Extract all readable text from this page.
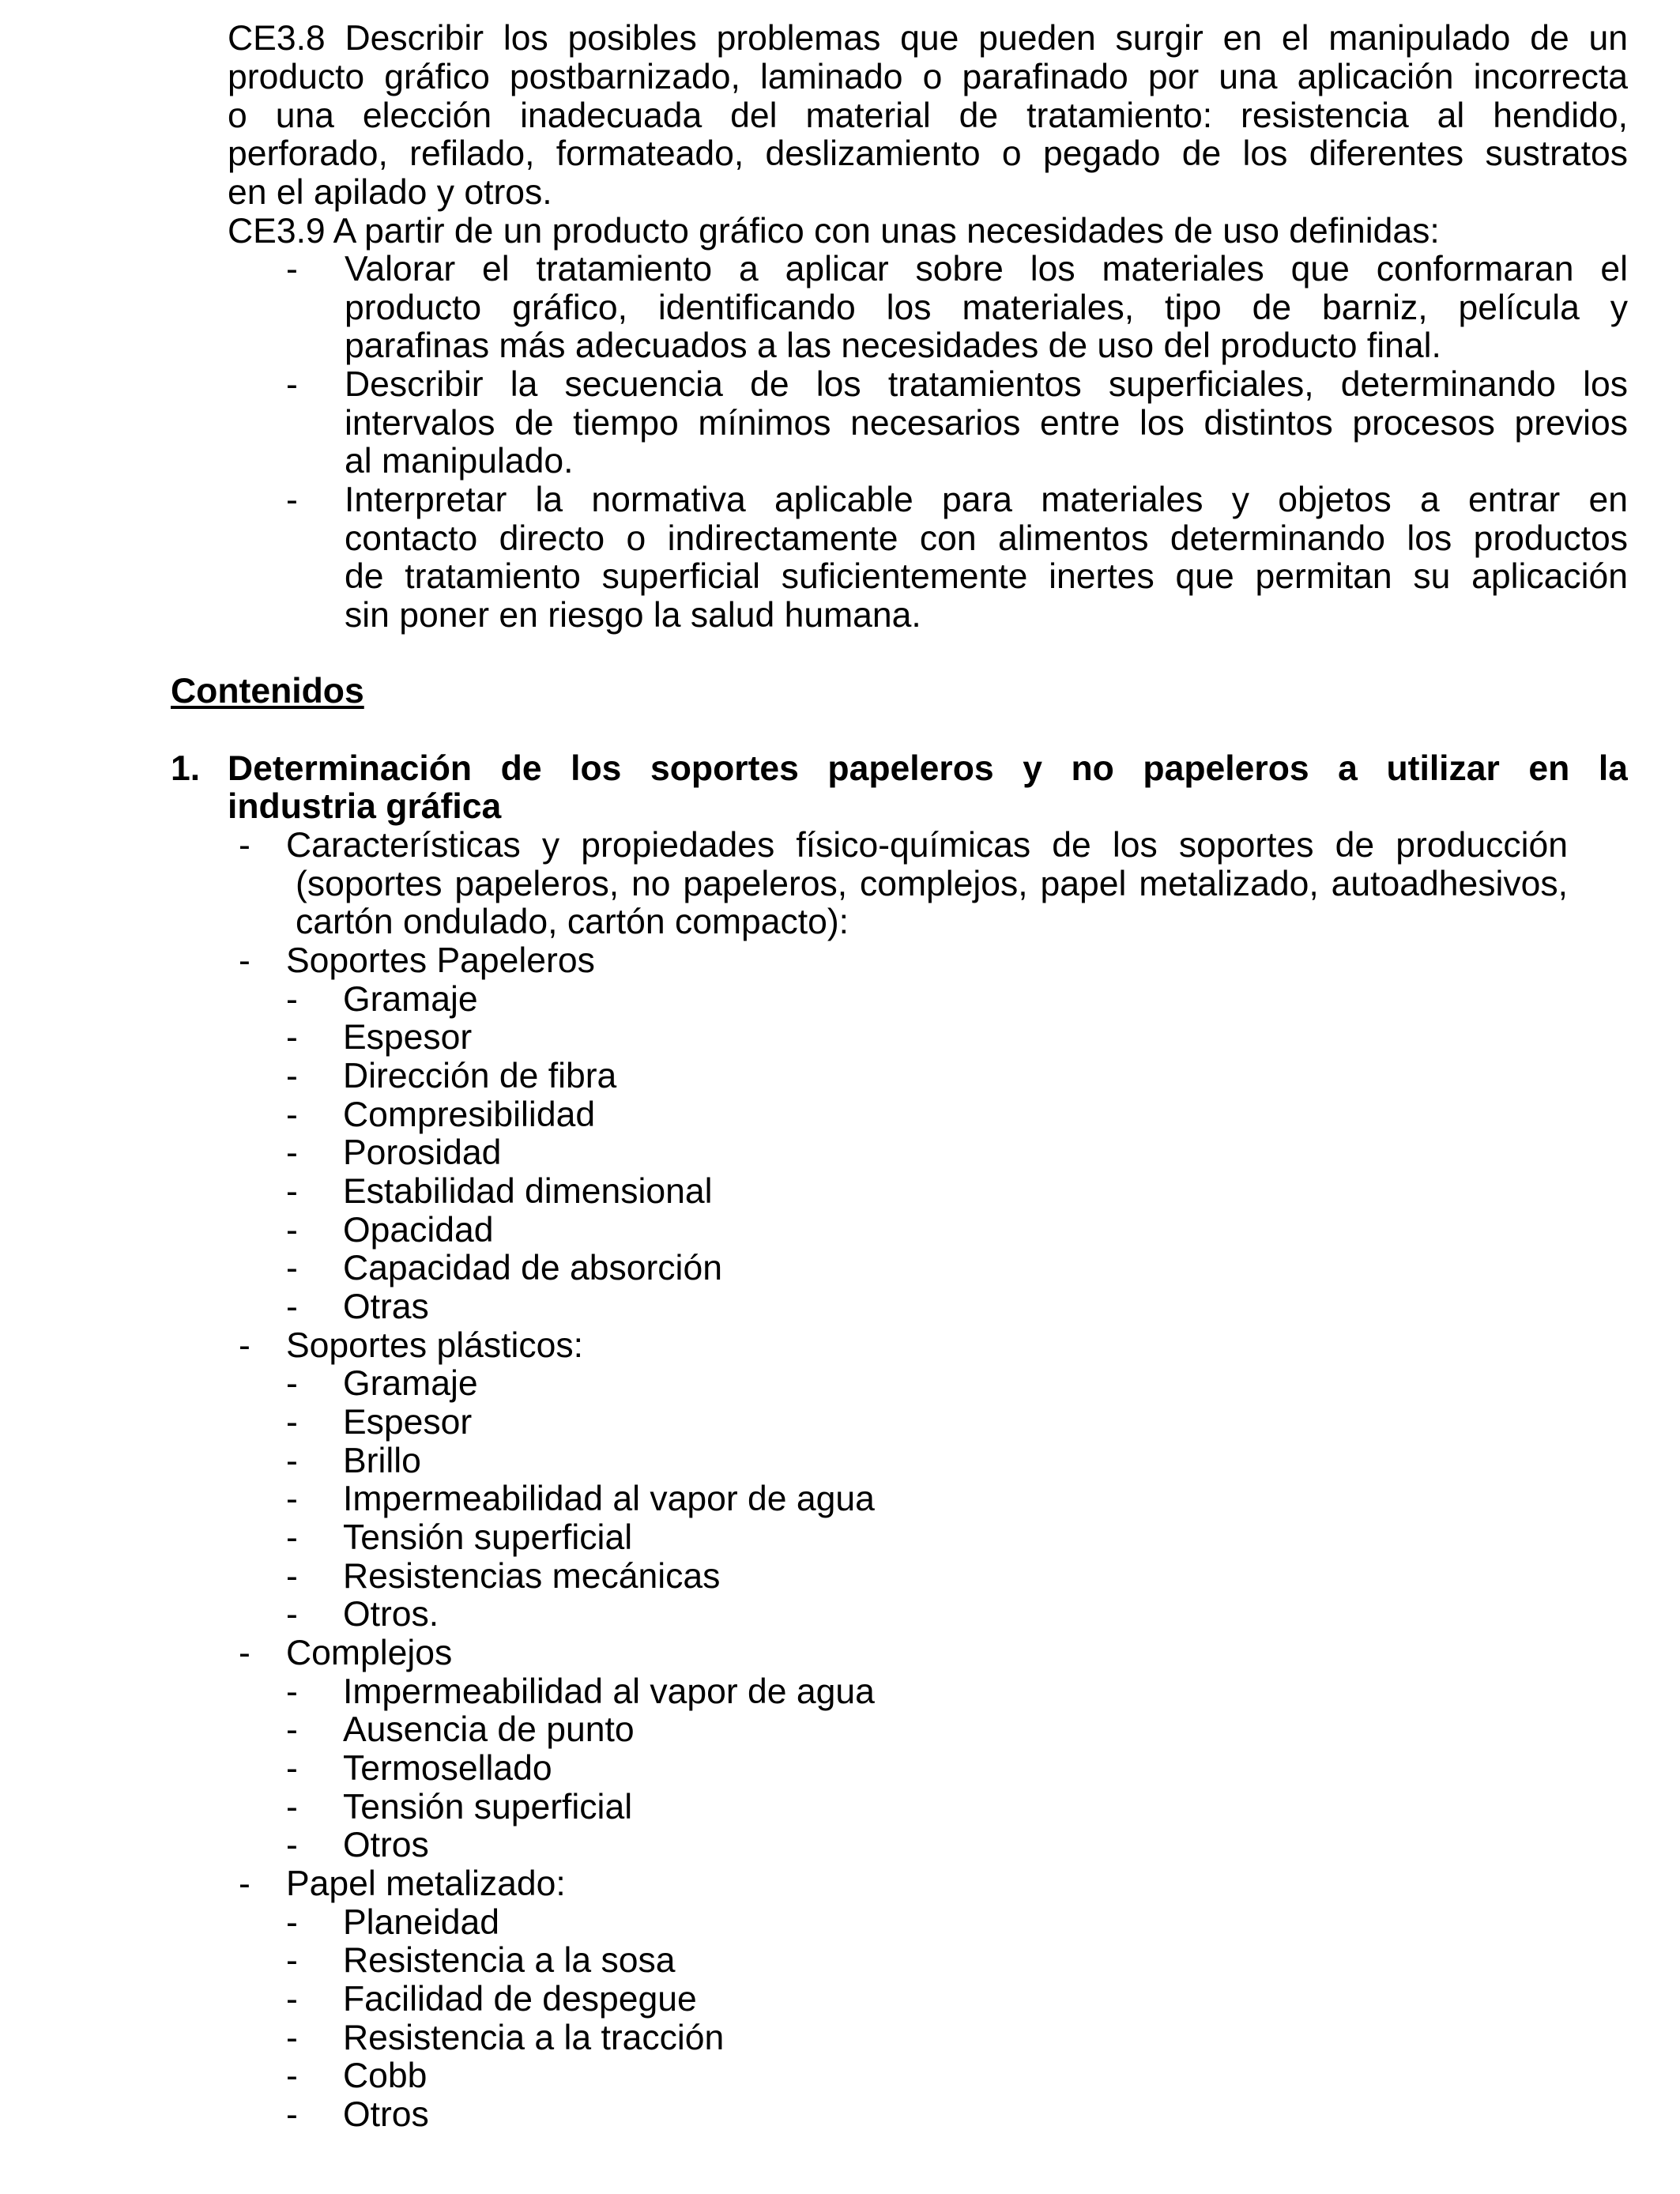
CE3.8 Describir los posibles problemas que pueden surgir en el manipulado de un
producto gráfico postbarnizado, laminado o parafinado por una aplicación incorrecta
o una elección inadecuada del material de tratamiento: resistencia al hendido,
perforado, refilado, formateado, deslizamiento o pegado de los diferentes sustratos
en el apilado y otros.
CE3.9 A partir de un producto gráfico con unas necesidades de uso definidas:
- Valorar el tratamiento a aplicar sobre los materiales que conformaran el
producto gráfico, identificando los materiales, tipo de barniz, película y
parafinas más adecuados a las necesidades de uso del producto final.
- Describir la secuencia de los tratamientos superficiales, determinando los
intervalos de tiempo mínimos necesarios entre los distintos procesos previos
al manipulado.
- Interpretar la normativa aplicable para materiales y objetos a entrar en
contacto directo o indirectamente con alimentos determinando los productos
de tratamiento superficial suficientemente inertes que permitan su aplicación
sin poner en riesgo la salud humana.
Contenidos
1. Determinación de los soportes papeleros y no papeleros a utilizar en la
industria gráfica
- Características y propiedades físico-químicas de los soportes de producción
(soportes papeleros, no papeleros, complejos, papel metalizado, autoadhesivos,
cartón ondulado, cartón compacto):
- Soportes Papeleros
- Gramaje
- Espesor
- Dirección de fibra
- Compresibilidad
- Porosidad
- Estabilidad dimensional
- Opacidad
- Capacidad de absorción
- Otras
- Soportes plásticos:
- Gramaje
- Espesor
- Brillo
- Impermeabilidad al vapor de agua
- Tensión superficial
- Resistencias mecánicas
- Otros.
- Complejos
- Impermeabilidad al vapor de agua
- Ausencia de punto
- Termosellado
- Tensión superficial
- Otros
- Papel metalizado:
- Planeidad
- Resistencia a la sosa
- Facilidad de despegue
- Resistencia a la tracción
- Cobb
- Otros
